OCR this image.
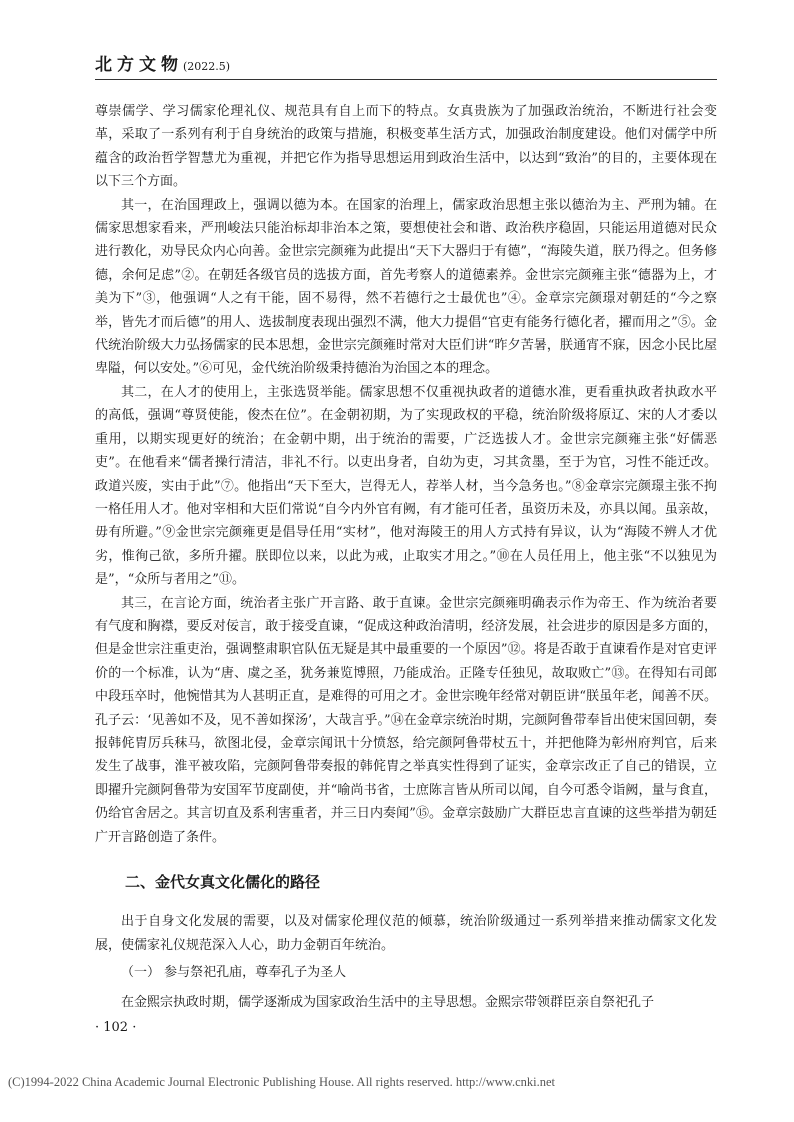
北方文物(2022.5)

尊崇儒学、学习儒家伦理礼仪、规范具有自上而下的特点。女真贵族为了加强政治统治，不断进行社会变革，采取了一系列有利于自身统治的政策与措施，积极变革生活方式，加强政治制度建设。他们对儒学中所蕴含的政治哲学智慧尤为重视，并把它作为指导思想运用到政治生活中，以达到“致治”的目的，主要体现在以下三个方面。

其一，在治国理政上，强调以德为本。在国家的治理上，儒家政治思想主张以德治为主、严刑为辅。在儒家思想家看来，严刑峻法只能治标却非治本之策，要想使社会和谐、政治秩序稳固，只能运用道德对民众进行教化，劝导民众内心向善。金世宗完颜雍为此提出“天下大器归于有德”，“海陵失道，朕乃得之。但务修德，余何足虑”②。在朝廷各级官员的选拔方面，首先考察人的道德素养。金世宗完颜雍主张“德器为上，才美为下”③，他强调“人之有干能，固不易得，然不若德行之士最优也”④。金章宗完颜璟对朝廷的“今之察举，皆先才而后德”的用人、选拔制度表现出强烈不满，他大力提倡“官吏有能务行德化者，擢而用之”⑤。金代统治阶级大力弘扬儒家的民本思想，金世宗完颜雍时常对大臣们讲“昨夕苦暑，朕通宵不寐，因念小民比屋卑隘，何以安处。”⑥可见，金代统治阶级秉持德治为治国之本的理念。

其二，在人才的使用上，主张选贤举能。儒家思想不仅重视执政者的道德水准，更看重执政者执政水平的高低，强调“尊贤使能，俊杰在位”。在金朝初期，为了实现政权的平稳，统治阶级将原辽、宋的人才委以重用，以期实现更好的统治；在金朝中期，出于统治的需要，广泛选拔人才。金世宗完颜雍主张“好儒恶吏”。在他看来“儒者操行清洁，非礼不行。以吏出身者，自幼为吏，习其贪墨，至于为官，习性不能迁改。政道兴废，实由于此”⑦。他指出“天下至大，岂得无人，荐举人材，当今急务也。”⑧金章宗完颜璟主张不拘一格任用人才。他对宰相和大臣们常说“自今内外官有阙，有才能可任者，虽资历未及，亦具以闻。虽亲故，毋有所避。”⑨金世宗完颜雍更是倡导任用“实材”，他对海陵王的用人方式持有异议，认为“海陵不辨人才优劣，惟徇己欲，多所升擢。朕即位以来，以此为戒，止取实才用之。”⑩在人员任用上，他主张“不以独见为是”，“众所与者用之”⑪。

其三，在言论方面，统治者主张广开言路、敢于直谏。金世宗完颜雍明确表示作为帝王、作为统治者要有气度和胸襟，要反对佞言，敢于接受直谏，“促成这种政治清明，经济发展，社会进步的原因是多方面的，但是金世宗注重吏治，强调整肃职官队伍无疑是其中最重要的一个原因”⑫。将是否敢于直谏看作是对官吏评价的一个标准，认为“唐、虞之圣，犹务兼览博照，乃能成治。正隆专任独见，故取败亡”⑬。在得知右司郎中段珏卒时，他惋惜其为人甚明正直，是难得的可用之才。金世宗晚年经常对朝臣讲“朕虽年老，闻善不厌。孔子云：‘见善如不及，见不善如探汤’，大哉言乎。”⑭在金章宗统治时期，完颜阿鲁带奉旨出使宋国回朝，奏报韩侂胄厉兵秣马，欲图北侵，金章宗闻讯十分愤怒，给完颜阿鲁带杖五十，并把他降为彰州府判官，后来发生了战事，淮平被攻陷，完颜阿鲁带奏报的韩侂胄之举真实性得到了证实，金章宗改正了自己的错误，立即擢升完颜阿鲁带为安国军节度副使，并“喻尚书省，士庶陈言皆从所司以闻，自今可悉令诣阙，量与食直，仍给官舍居之。其言切直及系利害重者，并三日内奏闻”⑮。金章宗鼓励广大群臣忠言直谏的这些举措为朝廷广开言路创造了条件。

二、金代女真文化儒化的路径

出于自身文化发展的需要，以及对儒家伦理仪范的倾慕，统治阶级通过一系列举措来推动儒家文化发展，使儒家礼仪规范深入人心，助力金朝百年统治。

（一） 参与祭祀孔庙，尊奉孔子为圣人

在金熙宗执政时期，儒学逐渐成为国家政治生活中的主导思想。金熙宗带领群臣亲自祭祀孔子

· 102 ·
(C)1994-2022 China Academic Journal Electronic Publishing House. All rights reserved. http://www.cnki.net
